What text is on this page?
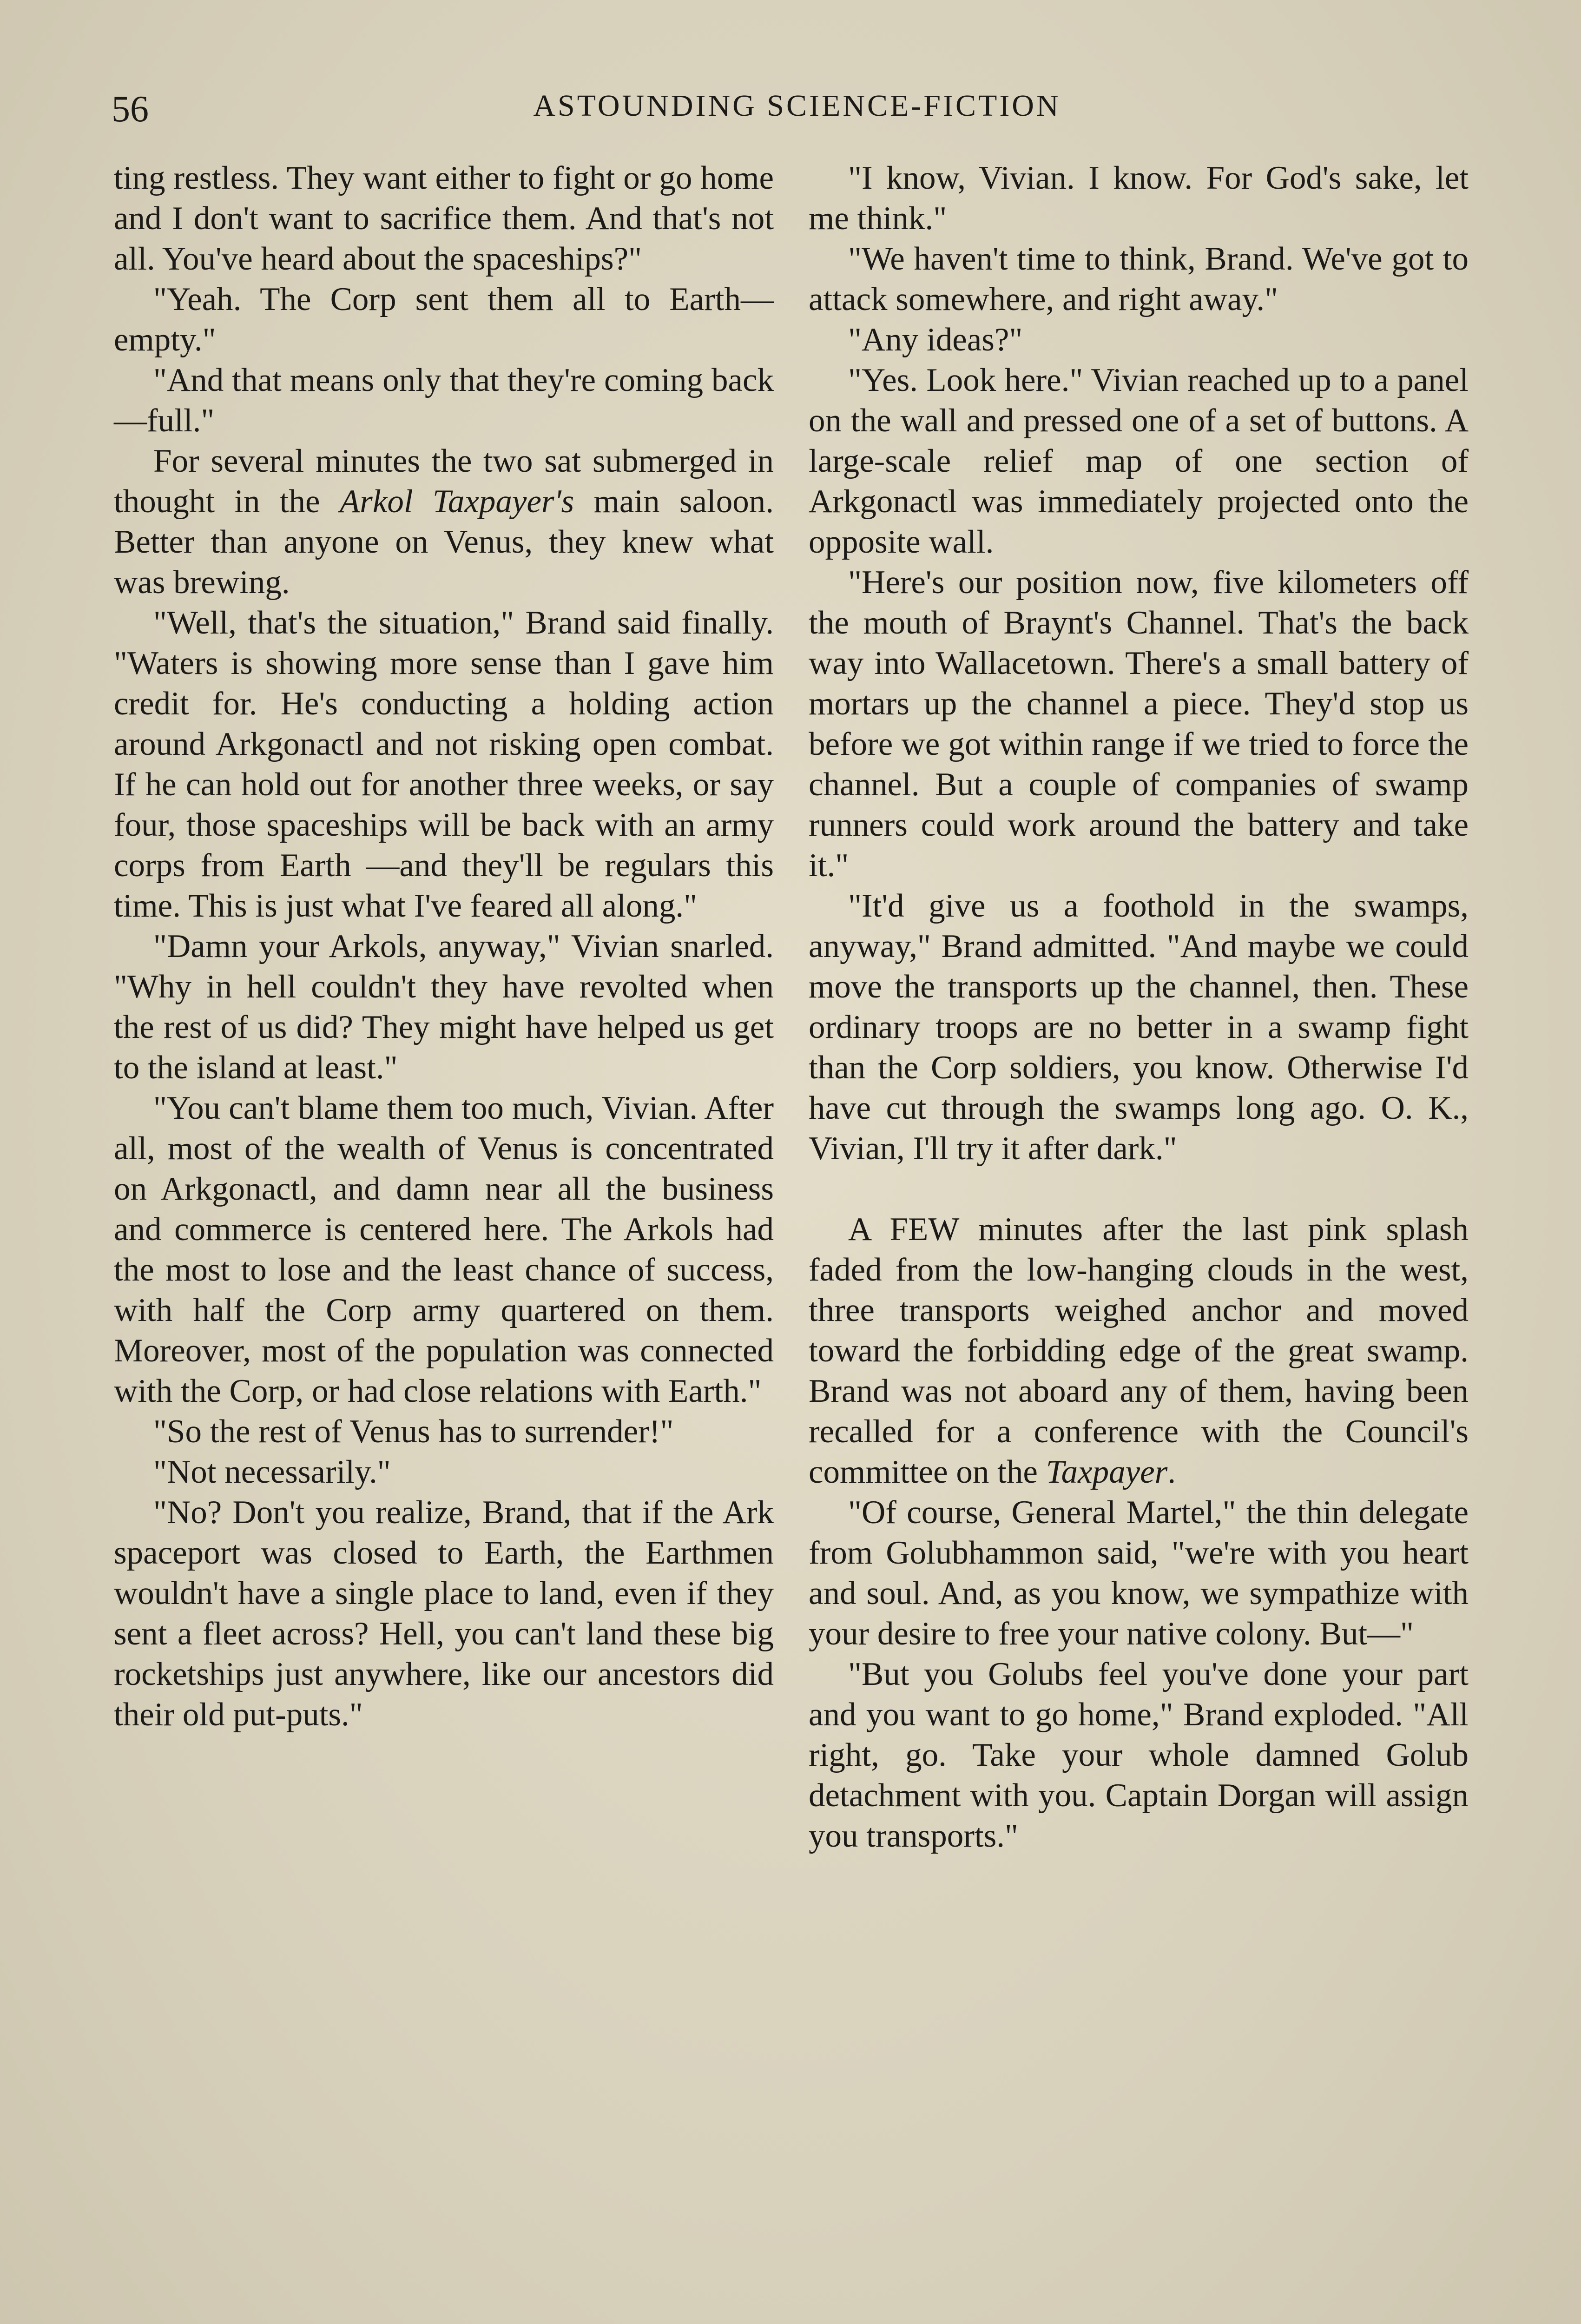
56	ASTOUNDING SCIENCE-FICTION

ting restless. They want either to fight or go home and I don't want to sacrifice them. And that's not all. You've heard about the spaceships?"

"Yeah. The Corp sent them all to Earth—empty."

"And that means only that they're coming back—full."

For several minutes the two sat submerged in thought in the Arkol Taxpayer's main saloon. Better than anyone on Venus, they knew what was brewing.

"Well, that's the situation," Brand said finally. "Waters is showing more sense than I gave him credit for. He's conducting a holding action around Arkgonactl and not risking open combat. If he can hold out for another three weeks, or say four, those spaceships will be back with an army corps from Earth —and they'll be regulars this time. This is just what I've feared all along."

"Damn your Arkols, anyway," Vivian snarled. "Why in hell couldn't they have revolted when the rest of us did? They might have helped us get to the island at least."

"You can't blame them too much, Vivian. After all, most of the wealth of Venus is concentrated on Arkgonactl, and damn near all the business and commerce is centered here. The Arkols had the most to lose and the least chance of success, with half the Corp army quartered on them. Moreover, most of the population was connected with the Corp, or had close relations with Earth."

"So the rest of Venus has to surrender!"

"Not necessarily."

"No? Don't you realize, Brand, that if the Ark spaceport was closed to Earth, the Earthmen wouldn't have a single place to land, even if they sent a fleet across? Hell, you can't land these big rocketships just anywhere, like our ancestors did their old put-puts."

"I know, Vivian. I know. For God's sake, let me think."

"We haven't time to think, Brand. We've got to attack somewhere, and right away."

"Any ideas?"

"Yes. Look here." Vivian reached up to a panel on the wall and pressed one of a set of buttons. A large-scale relief map of one section of Arkgonactl was immediately projected onto the opposite wall.

"Here's our position now, five kilometers off the mouth of Braynt's Channel. That's the back way into Wallacetown. There's a small battery of mortars up the channel a piece. They'd stop us before we got within range if we tried to force the channel. But a couple of companies of swamp runners could work around the battery and take it."

"It'd give us a foothold in the swamps, anyway," Brand admitted. "And maybe we could move the transports up the channel, then. These ordinary troops are no better in a swamp fight than the Corp soldiers, you know. Otherwise I'd have cut through the swamps long ago. O. K., Vivian, I'll try it after dark."

A FEW minutes after the last pink splash faded from the low-hanging clouds in the west, three transports weighed anchor and moved toward the forbidding edge of the great swamp. Brand was not aboard any of them, having been recalled for a conference with the Council's committee on the Taxpayer.

"Of course, General Martel," the thin delegate from Golubhammon said, "we're with you heart and soul. And, as you know, we sympathize with your desire to free your native colony. But—"

"But you Golubs feel you've done your part and you want to go home," Brand exploded. "All right, go. Take your whole damned Golub detachment with you. Captain Dorgan will assign you transports."
